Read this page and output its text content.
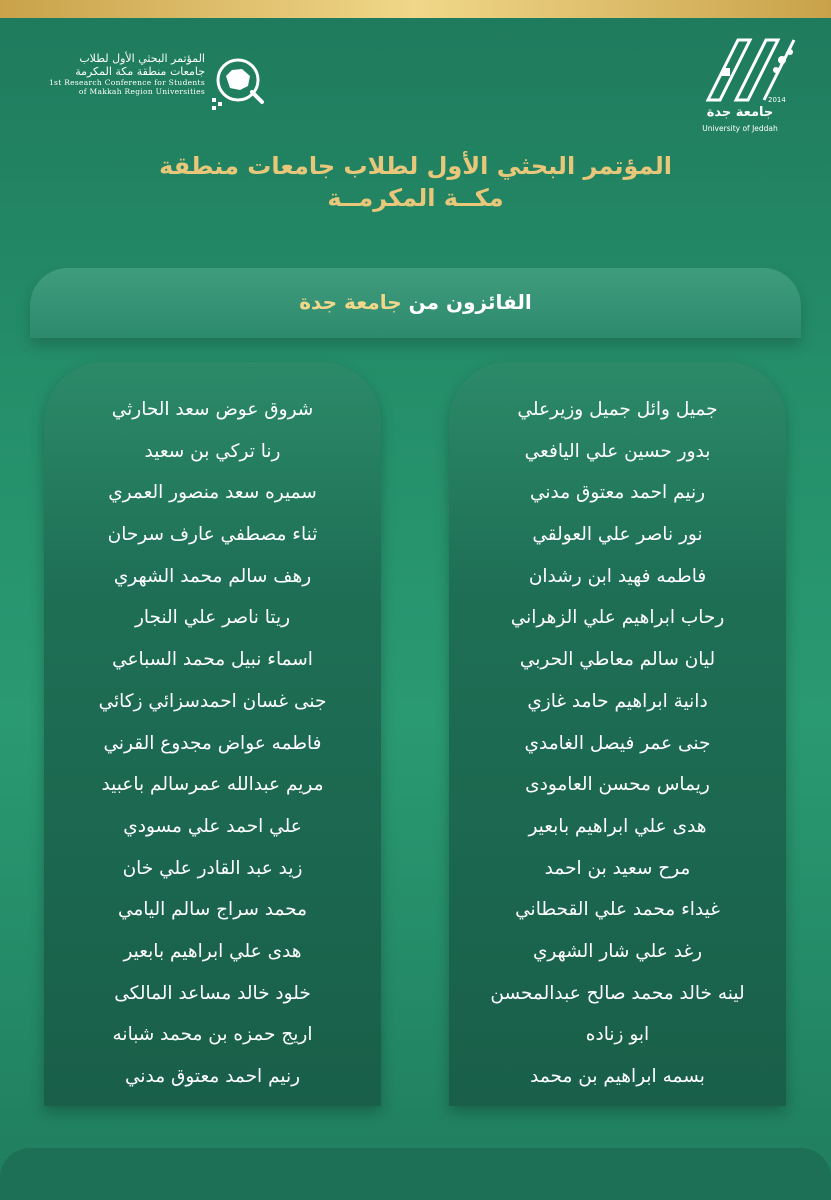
المؤتمر البحثي الأول لطلاب
جامعات منطقة مكة المكرمة
1st Research Conference for Students
of Makkah Region Universities
2014
جامعة جدة
University of Jeddah
المؤتمر البحثي الأول لطلاب جامعات منطقة
مكــة المكرمــة
الفائزون من جامعة جدة
جميل وائل جميل وزيرعلي
بدور حسين علي اليافعي
رنيم احمد معتوق مدني
نور ناصر علي العولقي
فاطمه فهيد ابن رشدان
رحاب ابراهيم علي الزهراني
ليان سالم معاطي الحربي
دانية ابراهيم حامد غازي
جنى عمر فيصل الغامدي
ريماس محسن العامودى
هدى علي ابراهيم بابعير
مرح سعيد بن احمد
غيداء محمد علي القحطاني
رغد علي شار الشهري
لينه خالد محمد صالح عبدالمحسن
ابو زناده
بسمه ابراهيم بن محمد
شروق عوض سعد الحارثي
رنا تركي بن سعيد
سميره سعد منصور العمري
ثناء مصطفي عارف سرحان
رهف سالم محمد الشهري
ريتا ناصر علي النجار
اسماء نبيل محمد السباعي
جنى غسان احمدسزائي زكائي
فاطمه عواض مجدوع القرني
مريم عبدالله عمرسالم باعبيد
علي احمد علي مسودي
زيد عبد القادر علي خان
محمد سراج سالم اليامي
هدى علي ابراهيم بابعير
خلود خالد مساعد المالكى
اريج حمزه بن محمد شبانه
رنيم احمد معتوق مدني
